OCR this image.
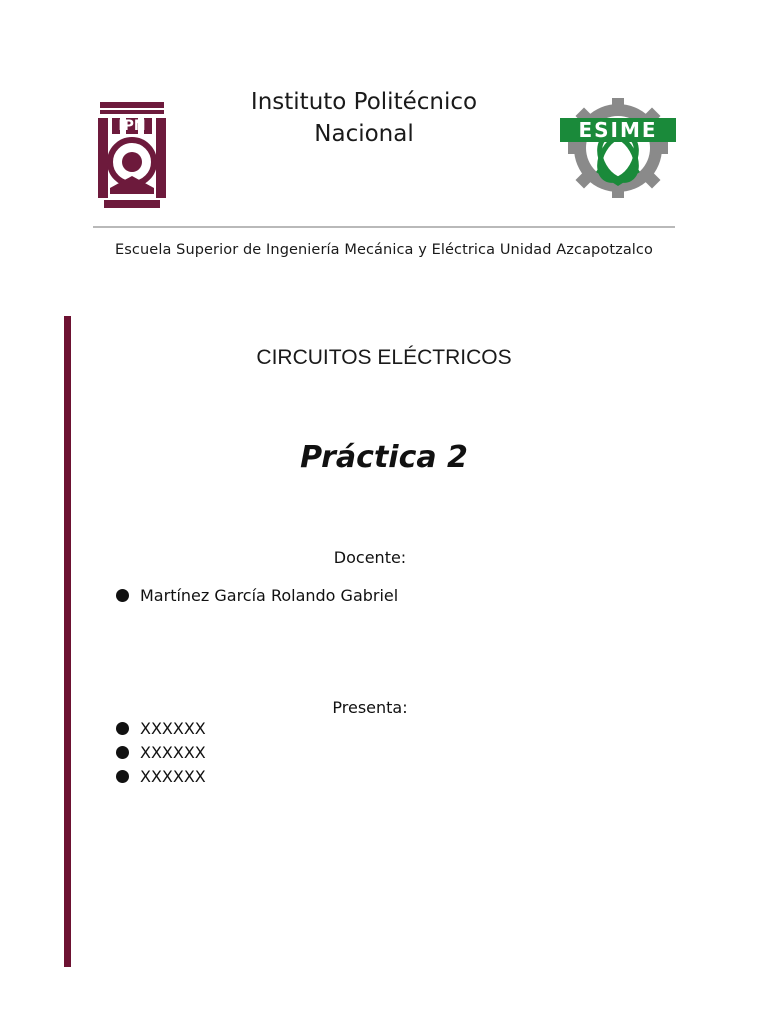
IPN
Instituto Politécnico
Nacional	ESIME
Escuela Superior de Ingeniería Mecánica y Eléctrica Unidad Azcapotzalco
CIRCUITOS ELÉCTRICOS
Práctica 2
Docente:
Martínez García Rolando Gabriel
Presenta:
XXXXXX
XXXXXX
XXXXXX
